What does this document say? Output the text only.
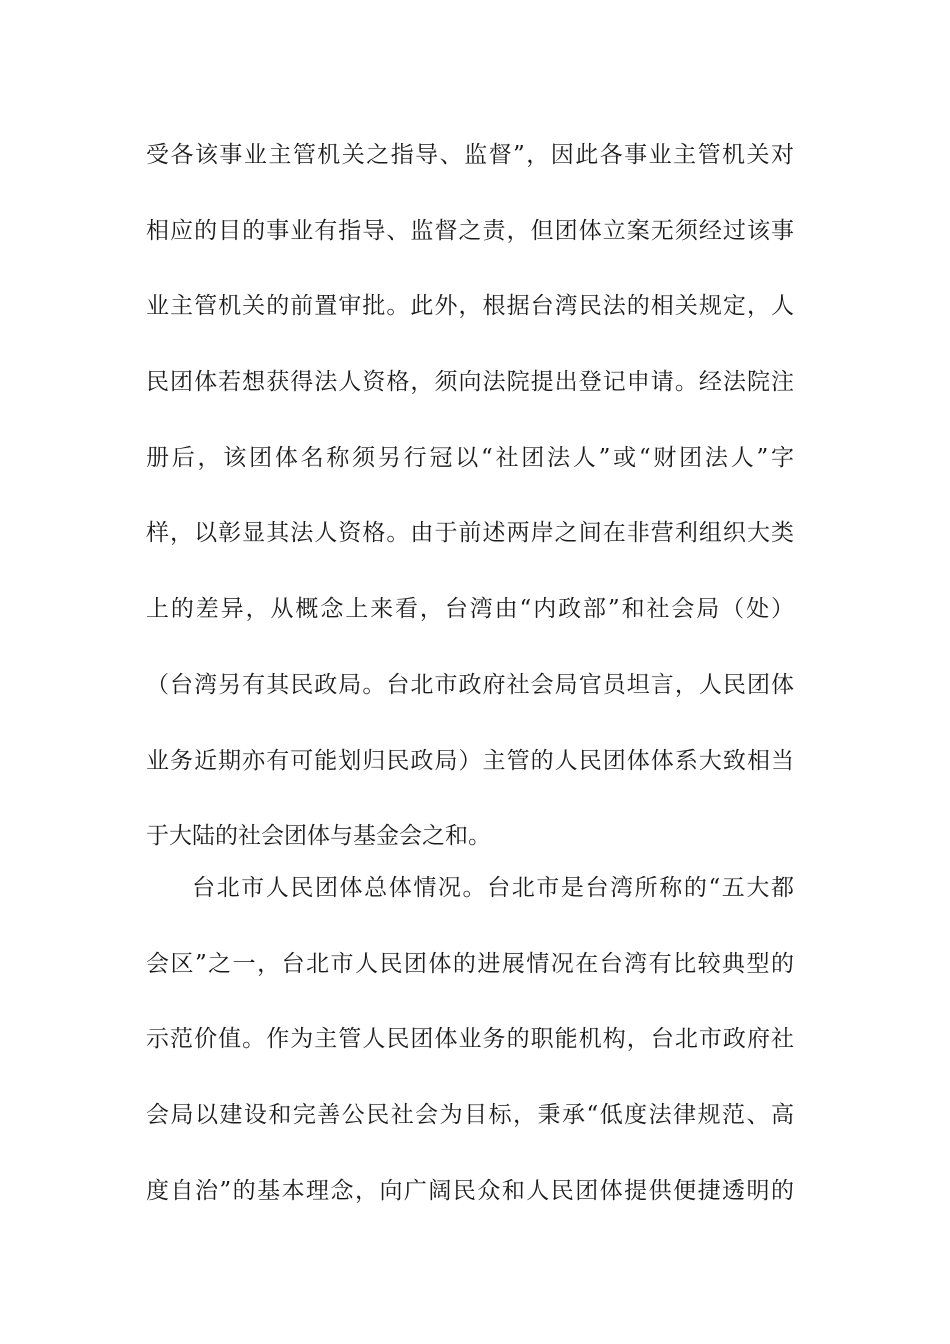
受各该事业主管机关之指导、监督”，因此各事业主管机关对
相应的目的事业有指导、监督之责，但团体立案无须经过该事
业主管机关的前置审批。此外，根据台湾民法的相关规定，人
民团体若想获得法人资格，须向法院提出登记申请。经法院注
册后，该团体名称须另行冠以“社团法人”或“财团法人”字
样，以彰显其法人资格。由于前述两岸之间在非营利组织大类
上的差异，从概念上来看，台湾由“内政部”和社会局（处）
（台湾另有其民政局。台北市政府社会局官员坦言，人民团体
业务近期亦有可能划归民政局）主管的人民团体体系大致相当
于大陆的社会团体与基金会之和。
台北市人民团体总体情况。台北市是台湾所称的“五大都
会区”之一，台北市人民团体的进展情况在台湾有比较典型的
示范价值。作为主管人民团体业务的职能机构，台北市政府社
会局以建设和完善公民社会为目标，秉承“低度法律规范、高
度自治”的基本理念，向广阔民众和人民团体提供便捷透明的
